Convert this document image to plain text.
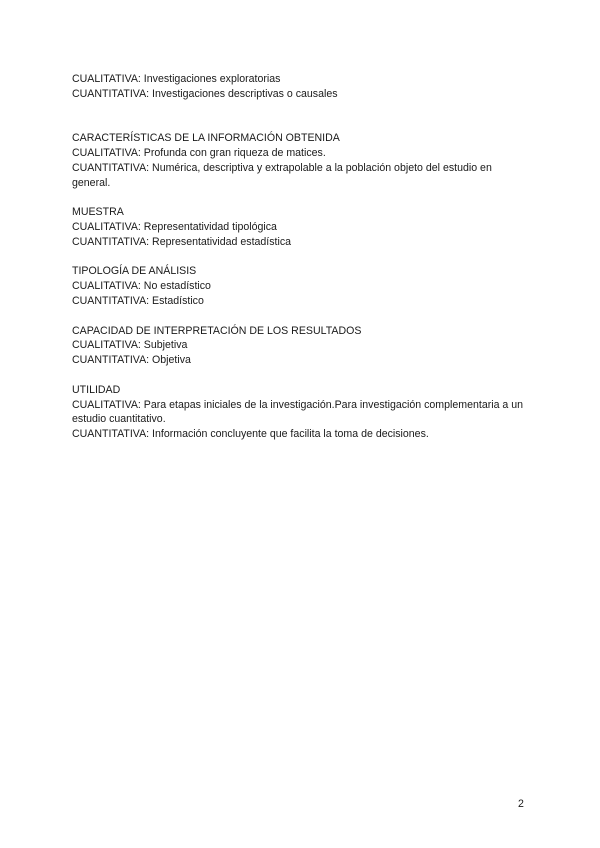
CUALITATIVA: Investigaciones exploratorias

CUANTITATIVA: Investigaciones descriptivas o causales

CARACTERÍSTICAS DE LA INFORMACIÓN OBTENIDA

CUALITATIVA: Profunda con gran riqueza de matices.

CUANTITATIVA: Numérica, descriptiva y extrapolable a la población objeto del estudio en general.

MUESTRA

CUALITATIVA: Representatividad tipológica

CUANTITATIVA: Representatividad estadística

TIPOLOGÍA DE ANÁLISIS

CUALITATIVA: No estadístico

CUANTITATIVA: Estadístico

CAPACIDAD DE INTERPRETACIÓN DE LOS RESULTADOS

CUALITATIVA: Subjetiva

CUANTITATIVA: Objetiva

UTILIDAD

CUALITATIVA: Para etapas iniciales de la investigación.Para investigación complementaria a un estudio cuantitativo.

CUANTITATIVA: Información concluyente que facilita la toma de decisiones.

2
